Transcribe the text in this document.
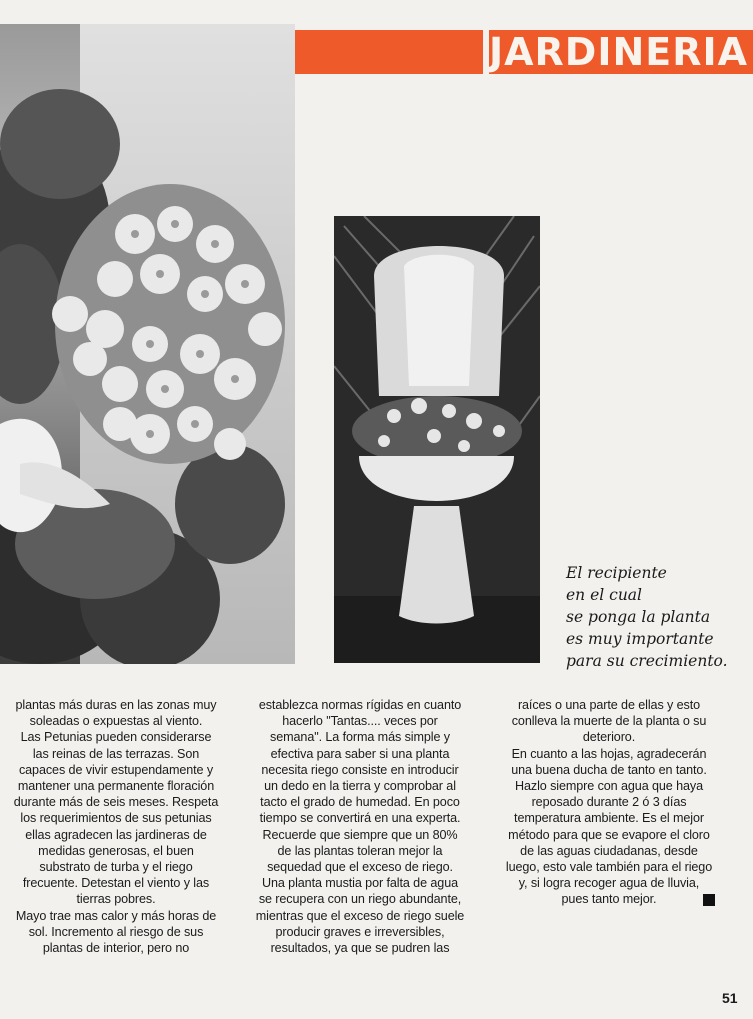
JARDINERIA
El recipiente
en el cual
se ponga la planta
es muy importante
para su crecimiento.
plantas más duras en las zonas muy
soleadas o expuestas al viento.
Las Petunias pueden considerarse
las reinas de las terrazas. Son
capaces de vivir estupendamente y
mantener una permanente floración
durante más de seis meses. Respeta
los requerimientos de sus petunias
ellas agradecen las jardineras de
medidas generosas, el buen
substrato de turba y el riego
frecuente. Detestan el viento y las
tierras pobres.
Mayo trae mas calor y más horas de
sol. Incremento al riesgo de sus
plantas de interior, pero no
establezca normas rígidas en cuanto
hacerlo "Tantas.... veces por
semana". La forma más simple y
efectiva para saber si una planta
necesita riego consiste en introducir
un dedo en la tierra y comprobar al
tacto el grado de humedad. En poco
tiempo se convertirá en una experta.
Recuerde que siempre que un 80%
de las plantas toleran mejor la
sequedad que el exceso de riego.
Una planta mustia por falta de agua
se recupera con un riego abundante,
mientras que el exceso de riego suele
producir graves e irreversibles,
resultados, ya que se pudren las
raíces o una parte de ellas y esto
conlleva la muerte de la planta o su
deterioro.
En cuanto a las hojas, agradecerán
una buena ducha de tanto en tanto.
Hazlo siempre con agua que haya
reposado durante 2 ó 3 días
temperatura ambiente. Es el mejor
método para que se evapore el cloro
de las aguas ciudadanas, desde
luego, esto vale también para el riego
y, si logra recoger agua de lluvia,
pues tanto mejor.
51
